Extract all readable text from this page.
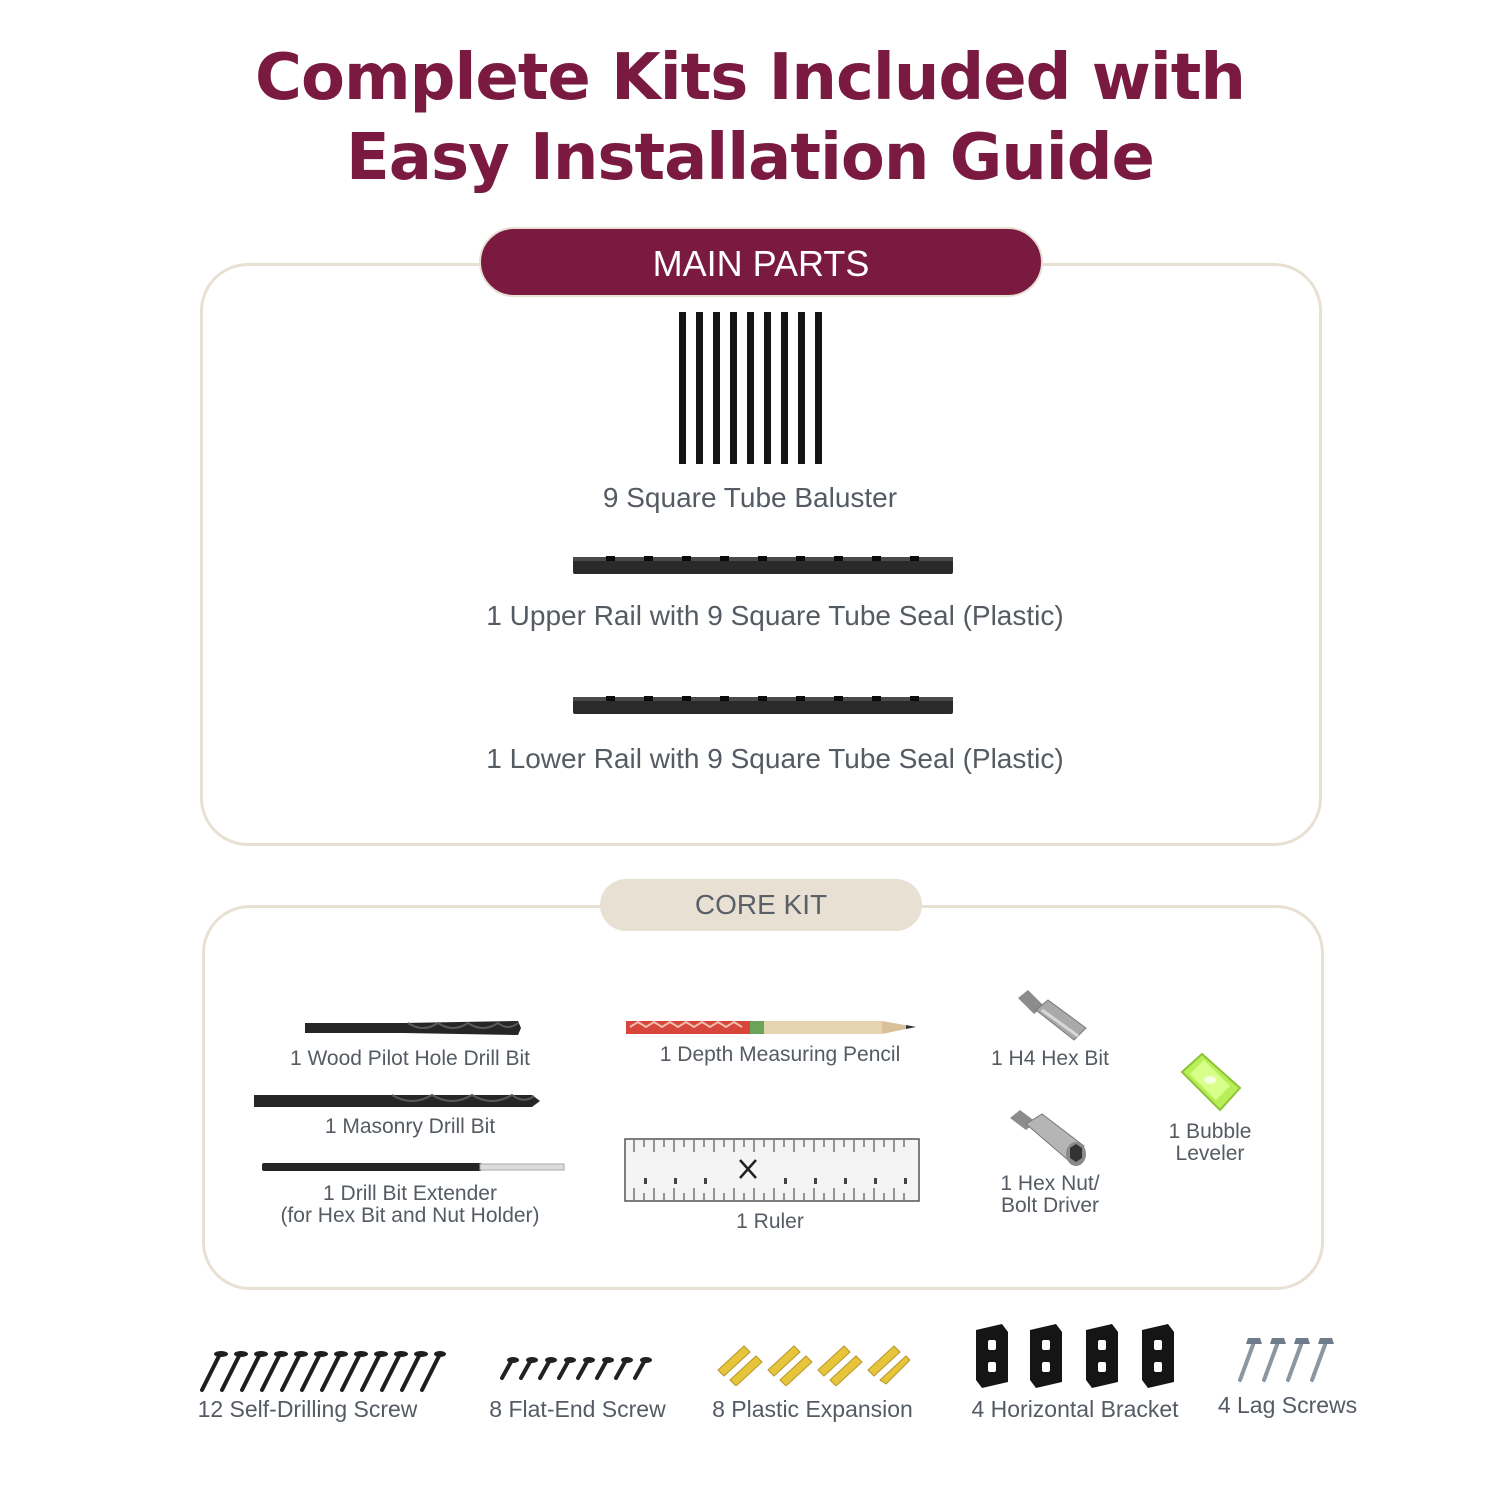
Complete Kits Included with
Easy Installation Guide
MAIN PARTS
9 Square Tube Baluster
1 Upper Rail with 9 Square Tube Seal (Plastic)
1 Lower Rail with 9 Square Tube Seal (Plastic)
CORE KIT
1 Wood Pilot Hole Drill Bit
1 Masonry Drill Bit
1 Drill Bit Extender
(for Hex Bit and Nut Holder)
1 Depth Measuring Pencil
1 Ruler
1 H4 Hex Bit
1 Hex Nut/
Bolt Driver
1 Bubble
Leveler
12 Self-Drilling Screw	8 Flat-End Screw	8 Plastic Expansion	4 Horizontal Bracket	4 Lag Screws
